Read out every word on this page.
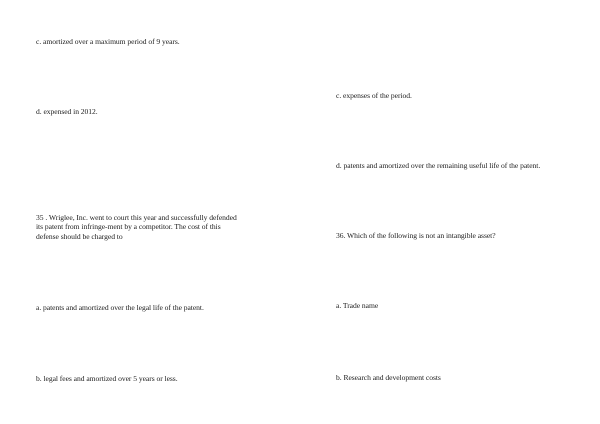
c. amortized over a maximum period of 9 years.
d. expensed in 2012.
35 . Wriglee, Inc. went to court this year and successfully defended
its patent from infringe-ment by a competitor. The cost of this
defense should be charged to
a. patents and amortized over the legal life of the patent.
b. legal fees and amortized over 5 years or less.
c. expenses of the period.
d. patents and amortized over the remaining useful life of the patent.
36. Which of the following is not an intangible asset?
a. Trade name
b. Research and development costs
